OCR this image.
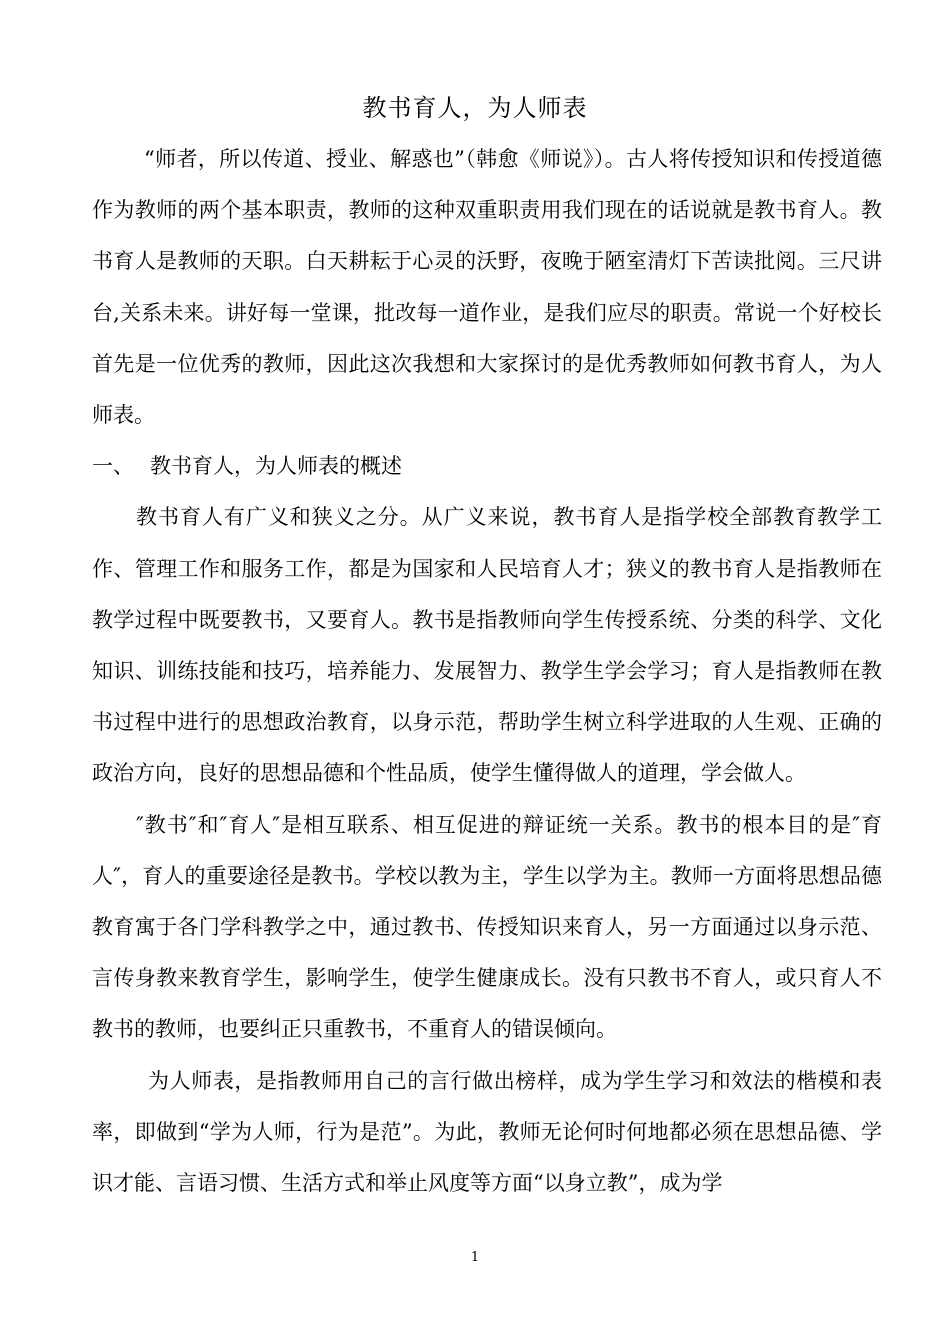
教书育人，为人师表

“师者，所以传道、授业、解惑也”（韩愈《师说》）。古人将传授知识和传授道德作为教师的两个基本职责，教师的这种双重职责用我们现在的话说就是教书育人。教书育人是教师的天职。白天耕耘于心灵的沃野，夜晚于陋室清灯下苦读批阅。三尺讲台,关系未来。讲好每一堂课，批改每一道作业，是我们应尽的职责。常说一个好校长首先是一位优秀的教师，因此这次我想和大家探讨的是优秀教师如何教书育人，为人师表。

一、 教书育人，为人师表的概述

教书育人有广义和狭义之分。从广义来说，教书育人是指学校全部教育教学工作、管理工作和服务工作，都是为国家和人民培育人才；狭义的教书育人是指教师在教学过程中既要教书，又要育人。教书是指教师向学生传授系统、分类的科学、文化知识、训练技能和技巧，培养能力、发展智力、教学生学会学习；育人是指教师在教书过程中进行的思想政治教育，以身示范，帮助学生树立科学进取的人生观、正确的政治方向，良好的思想品德和个性品质，使学生懂得做人的道理，学会做人。

″教书″和″育人″是相互联系、相互促进的辩证统一关系。教书的根本目的是″育人″，育人的重要途径是教书。学校以教为主，学生以学为主。教师一方面将思想品德教育寓于各门学科教学之中，通过教书、传授知识来育人，另一方面通过以身示范、言传身教来教育学生，影响学生，使学生健康成长。没有只教书不育人，或只育人不教书的教师，也要纠正只重教书，不重育人的错误倾向。

为人师表，是指教师用自己的言行做出榜样，成为学生学习和效法的楷模和表率，即做到“学为人师，行为是范”。为此，教师无论何时何地都必须在思想品德、学识才能、言语习惯、生活方式和举止风度等方面“以身立教”，成为学

1
